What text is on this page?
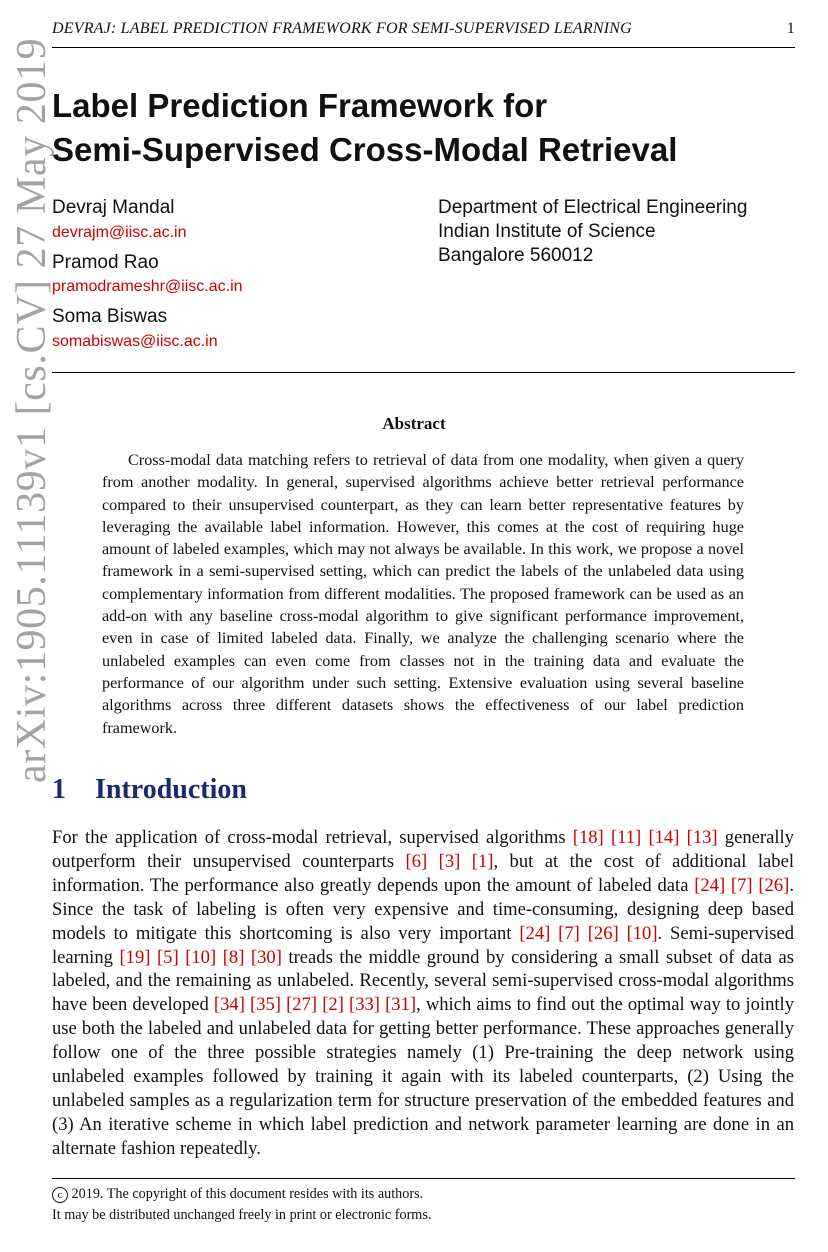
DEVRAJ: LABEL PREDICTION FRAMEWORK FOR SEMI-SUPERVISED LEARNING	1
Label Prediction Framework for
Semi-Supervised Cross-Modal Retrieval
Devraj Mandal
devrajm@iisc.ac.in
Pramod Rao
pramodrameshr@iisc.ac.in
Soma Biswas
somabiswas@iisc.ac.in
Department of Electrical Engineering
Indian Institute of Science
Bangalore 560012
arXiv:1905.11139v1 [cs.CV] 27 May 2019	Abstract

Cross-modal data matching refers to retrieval of data from one modality, when given a query from another modality. In general, supervised algorithms achieve better retrieval performance compared to their unsupervised counterpart, as they can learn better representative features by leveraging the available label information. However, this comes at the cost of requiring huge amount of labeled examples, which may not always be available. In this work, we propose a novel framework in a semi-supervised setting, which can predict the labels of the unlabeled data using complementary information from different modalities. The proposed framework can be used as an add-on with any baseline cross-modal algorithm to give significant performance improvement, even in case of limited labeled data. Finally, we analyze the challenging scenario where the unlabeled examples can even come from classes not in the training data and evaluate the performance of our algorithm under such setting. Extensive evaluation using several baseline algorithms across three different datasets shows the effectiveness of our label prediction framework.

1 Introduction

For the application of cross-modal retrieval, supervised algorithms [18] [11] [14] [13] generally outperform their unsupervised counterparts [6] [3] [1], but at the cost of additional label information. The performance also greatly depends upon the amount of labeled data [24] [7] [26]. Since the task of labeling is often very expensive and time-consuming, designing deep based models to mitigate this shortcoming is also very important [24] [7] [26] [10]. Semi-supervised learning [19] [5] [10] [8] [30] treads the middle ground by considering a small subset of data as labeled, and the remaining as unlabeled. Recently, several semi-supervised cross-modal algorithms have been developed [34] [35] [27] [2] [33] [31], which aims to find out the optimal way to jointly use both the labeled and unlabeled data for getting better performance. These approaches generally follow one of the three possible strategies namely (1) Pre-training the deep network using unlabeled examples followed by training it again with its labeled counterparts, (2) Using the unlabeled samples as a regularization term for structure preservation of the embedded features and (3) An iterative scheme in which label prediction and network parameter learning are done in an alternate fashion repeatedly.

c 2019. The copyright of this document resides with its authors.
It may be distributed unchanged freely in print or electronic forms.
